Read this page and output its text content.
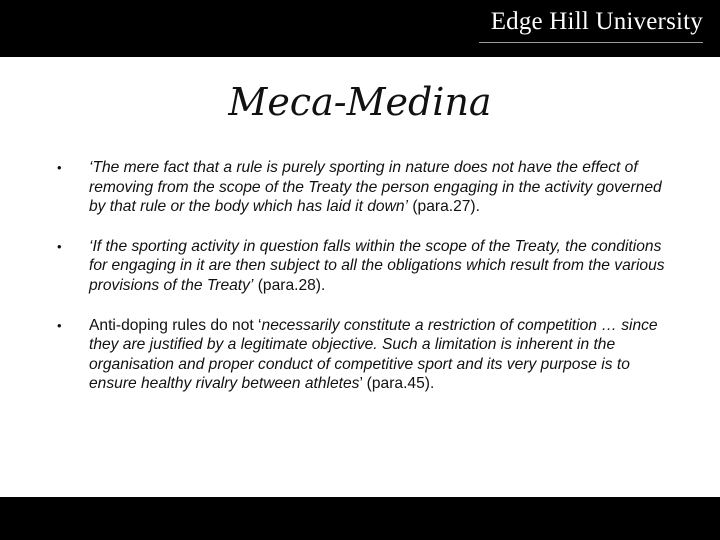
Edge Hill University
Meca-Medina
• ‘The mere fact that a rule is purely sporting in nature does not have the effect of removing from the scope of the Treaty the person engaging in the activity governed by that rule or the body which has laid it down’ (para.27).
• ‘If the sporting activity in question falls within the scope of the Treaty, the conditions for engaging in it are then subject to all the obligations which result from the various provisions of the Treaty’ (para.28).
• Anti-doping rules do not ‘necessarily constitute a restriction of competition … since they are justified by a legitimate objective. Such a limitation is inherent in the organisation and proper conduct of competitive sport and its very purpose is to ensure healthy rivalry between athletes’ (para.45).
